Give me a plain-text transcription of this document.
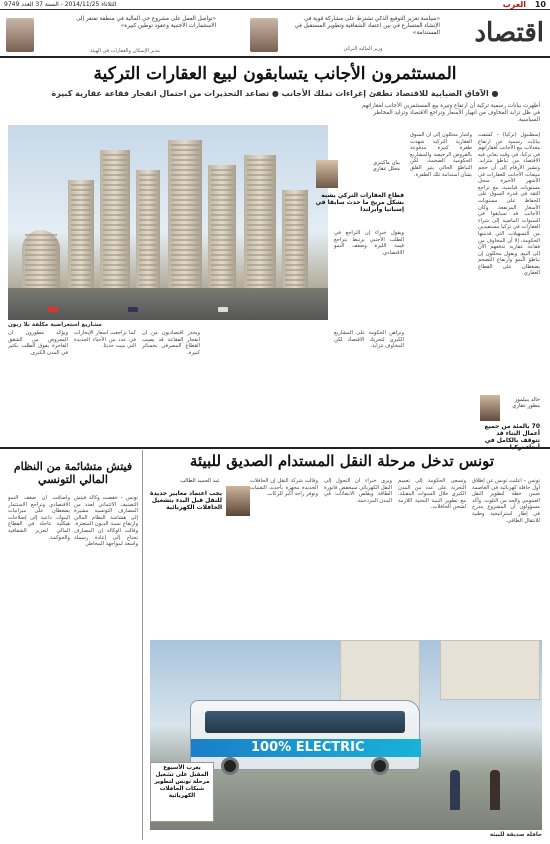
10
الثلاثاء 2014/11/25 - السنة 37 العدد 9749	العرب
اقتصاد
«سياسة تعزيز التوقيع الذكي تشترط على مشاركة قوية في الإنشاء المتسارع في بين اعتماد الشفافية وتطوير المستقبل في المستدامة»
وزير المالية التركي
«تواصل العمل على مشروع حي المالية في منطقة تفتقر إلى الاستثمارات الأجنبية وعقود توطين كبيرة»
مدير الإسكان والعقارات في الهيئة
المستثمرون الأجانب يتسابقون لبيع العقارات التركية
● الآفاق الضبابية للاقتصاد تطفئ إغراءات تملك الأجانب ● تصاعد التحذيرات من احتمال انفجار فقاعة عقارية كبيرة
أظهرت بيانات رسمية تركية أن ارتفاع وتيرة بيع المستثمرين الأجانب لعقاراتهم في ظل تزايد المخاوف من انهيار الأسعار وتراجع الاقتصاد وتزايد المخاطر السياسية.
مشاريع استعراضية مكلفة بلا زبون
إسطنبول (تركيا) – كشفت بيانات رسمية عن ارتفاع معدلات بيع الأجانب لعقاراتهم في تركيا، في وقت يعاني فيه الاقتصاد من تباطؤ متزايد. وتشير الأرقام إلى أن حجم مبيعات الأجانب للعقارات في الأشهر الأخيرة سجل مستويات قياسية، مع تراجع الثقة في قدرة السوق على الحفاظ على مستويات الأسعار المرتفعة. وكان الأجانب قد تسابقوا في السنوات الماضية إلى شراء العقارات في تركيا مستفيدين من التسهيلات التي قدمتها الحكومة، إلا أن المخاوف من فقاعة عقارية تدفعهم الآن إلى البيع. ويقول محللون إن تباطؤ النمو وارتفاع التضخم يضغطان على القطاع العقاري.
وأشار محللون إلى أن السوق العقارية التركية شهدت طفرة كبيرة مدفوعة بالقروض الرخيصة والمشاريع الحكومية الضخمة، لكن التباطؤ الحالي يثير القلق بشأن استدامة تلك الطفرة.
بيان ماكيتزي
محلل عقاري
قطاع العقارات التركي يشبه بشكل مريح ما حدث سابقا في إسبانيا وأيرلندا
ويقول خبراء إن التراجع في الطلب الأجنبي يرتبط بتراجع قيمة الليرة وضعف النمو الاقتصادي.
وتراهن الحكومة على المشاريع الكبرى لتحريك الاقتصاد لكن المخاوف تتزايد.
ويؤكد مطورون أن المعروض من الشقق الفاخرة يفوق الطلب بكثير في المدن الكبرى.
كما تراجعت أسعار الإيجارات في عدد من الأحياء الجديدة التي بنيت حديثا.
ويحذر اقتصاديون من أن انفجار الفقاعة قد يصيب القطاع المصرفي بخسائر كبيرة.
خالد ينيلموز
مطور عقاري
70 بالمئة من جميع أعمال البناء قد تتوقف بالكامل في
تونس تدخل مرحلة النقل المستدام الصديق للبيئة
تونس – أعلنت تونس عن إطلاق أول حافلة كهربائية في العاصمة ضمن خطة لتطوير النقل العمومي والحد من التلوث. وأكد مسؤولون أن المشروع يندرج في إطار استراتيجية وطنية للانتقال الطاقي.
وتسعى الحكومة إلى تعميم التجربة على عدد من المدن الكبرى خلال السنوات المقبلة، مع تطوير البنية التحتية اللازمة لشحن الحافلات.
ويرى خبراء أن التحول إلى النقل الكهربائي سيخفض فاتورة الطاقة ويقلص الانبعاثات في المدن المزدحمة.
وقالت شركة النقل إن الحافلات الجديدة مجهزة بأحدث التقنيات وتوفر راحة أكبر للركاب.
عبد الحميد الطالب
يجب اعتماد معايير جديدة للنقل قبل البدء بتشغيل الحافلات الكهربائية
100% ELECTRIC
حافلة صديقة للبيئة
يعرب الأسبوع المقبل على تشغيل مرحلة تونس لتطوير شبكات الحافلات الكهربائية
فيتش متشائمة من النظام المالي التونسي
تونس – خفضت وكالة فيتش التصنيف الائتماني لعدد من المصارف التونسية مشيرة إلى هشاشة النظام المالي وارتفاع نسبة الديون المتعثرة. وقالت الوكالة إن المصارف تحتاج إلى إعادة رسملة واسعة لمواجهة المخاطر.
وأضافت أن ضعف النمو الاقتصادي وتراجع الاستثمار يضغطان على ميزانيات البنوك، داعية إلى إصلاحات هيكلية عاجلة في القطاع المالي لتعزيز الشفافية والحوكمة.
